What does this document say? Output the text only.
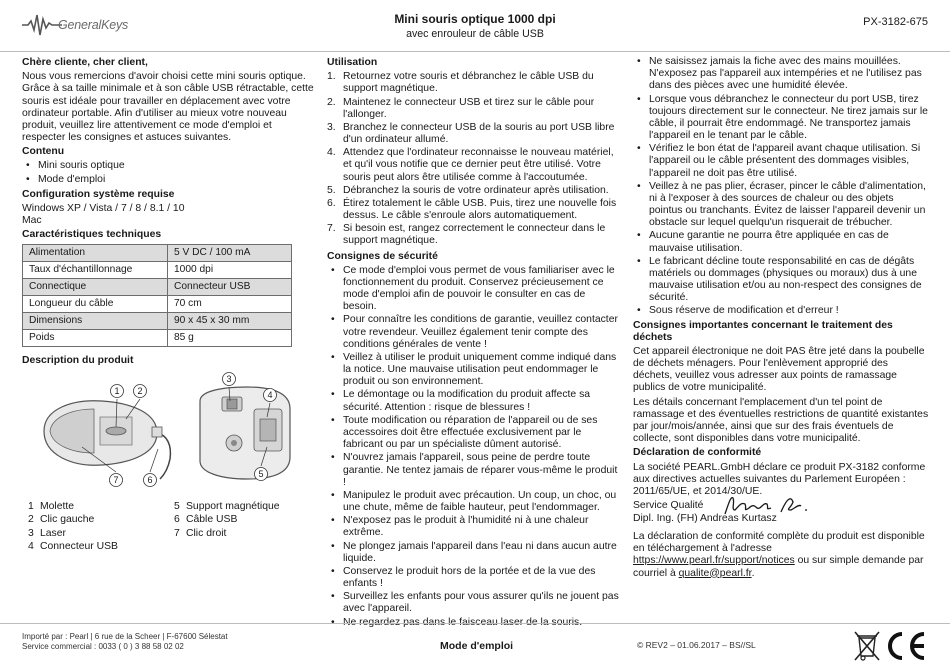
GeneralKeys	Mini souris optique 1000 dpi
avec enrouleur de câble USB
PX-3182-675
Chère cliente, cher client,

Nous vous remercions d'avoir choisi cette mini souris optique. Grâce à sa taille minimale et à son câble USB rétractable, cette souris est idéale pour travailler en déplacement avec votre ordinateur portable. Afin d'utiliser au mieux votre nouveau produit, veuillez lire attentivement ce mode d'emploi et respecter les consignes et astuces suivantes.

Contenu
• Mini souris optique
• Mode d'emploi
Configuration système requise

Windows XP / Vista / 7 / 8 / 8.1 / 10

Mac

Caractéristiques techniques
Alimentation	5 V DC / 100 mA
Taux d'échantillonnage	1000 dpi
Connectique	Connecteur USB
Longueur du câble	70 cm
Dimensions	90 x 45 x 30 mm
Poids	85 g
Description du produit
1 2
3
4
5
6
7
1 Molette	5 Support magnétique
2 Clic gauche	6 Câble USB
3 Laser	7 Clic droit
4 Connecteur USB
Utilisation
1. Retournez votre souris et débranchez le câble USB du support magnétique.
2. Maintenez le connecteur USB et tirez sur le câble pour l'allonger.
3. Branchez le connecteur USB de la souris au port USB libre d'un ordinateur allumé.
4. Attendez que l'ordinateur reconnaisse le nouveau matériel, et qu'il vous notifie que ce dernier peut être utilisé. Votre souris peut alors être utilisée comme à l'accoutumée.
5. Débranchez la souris de votre ordinateur après utilisation.
6. Étirez totalement le câble USB. Puis, tirez une nouvelle fois dessus. Le câble s'enroule alors automatiquement.
7. Si besoin est, rangez correctement le connecteur dans le support magnétique.
Consignes de sécurité
• Ce mode d'emploi vous permet de vous familiariser avec le fonctionnement du produit. Conservez précieusement ce mode d'emploi afin de pouvoir le consulter en cas de besoin.
• Pour connaître les conditions de garantie, veuillez contacter votre revendeur. Veuillez également tenir compte des conditions générales de vente !
• Veillez à utiliser le produit uniquement comme indiqué dans la notice. Une mauvaise utilisation peut endommager le produit ou son environnement.
• Le démontage ou la modification du produit affecte sa sécurité. Attention : risque de blessures !
• Toute modification ou réparation de l'appareil ou de ses accessoires doit être effectuée exclusivement par le fabricant ou par un spécialiste dûment autorisé.
• N'ouvrez jamais l'appareil, sous peine de perdre toute garantie. Ne tentez jamais de réparer vous-même le produit !
• Manipulez le produit avec précaution. Un coup, un choc, ou une chute, même de faible hauteur, peut l'endommager.
• N'exposez pas le produit à l'humidité ni à une chaleur extrême.
• Ne plongez jamais l'appareil dans l'eau ni dans aucun autre liquide.
• Conservez le produit hors de la portée et de la vue des enfants !
• Surveillez les enfants pour vous assurer qu'ils ne jouent pas avec l'appareil.
• Ne regardez pas dans le faisceau laser de la souris.
• Ne saisissez jamais la fiche avec des mains mouillées. N'exposez pas l'appareil aux intempéries et ne l'utilisez pas dans des pièces avec une humidité élevée.
• Lorsque vous débranchez le connecteur du port USB, tirez toujours directement sur le connecteur. Ne tirez jamais sur le câble, il pourrait être endommagé. Ne transportez jamais l'appareil en le tenant par le câble.
• Vérifiez le bon état de l'appareil avant chaque utilisation. Si l'appareil ou le câble présentent des dommages visibles, l'appareil ne doit pas être utilisé.
• Veillez à ne pas plier, écraser, pincer le câble d'alimentation, ni à l'exposer à des sources de chaleur ou des objets pointus ou tranchants. Évitez de laisser l'appareil devenir un obstacle sur lequel quelqu'un risquerait de trébucher.
• Aucune garantie ne pourra être appliquée en cas de mauvaise utilisation.
• Le fabricant décline toute responsabilité en cas de dégâts matériels ou dommages (physiques ou moraux) dus à une mauvaise utilisation et/ou au non-respect des consignes de sécurité.
• Sous réserve de modification et d'erreur !
Consignes importantes concernant le traitement des déchets

Cet appareil électronique ne doit PAS être jeté dans la poubelle de déchets ménagers. Pour l'enlèvement approprié des déchets, veuillez vous adresser aux points de ramassage publics de votre municipalité.

Les détails concernant l'emplacement d'un tel point de ramassage et des éventuelles restrictions de quantité existantes par jour/mois/année, ainsi que sur des frais éventuels de collecte, sont disponibles dans votre municipalité.

Déclaration de conformité

La société PEARL.GmbH déclare ce produit PX-3182 conforme aux directives actuelles suivantes du Parlement Européen : 2011/65/UE, et 2014/30/UE.

Service Qualité
Dipl. Ing. (FH) Andreas Kurtasz

La déclaration de conformité complète du produit est disponible en téléchargement à l'adresse https://www.pearl.fr/support/notices ou sur simple demande par courriel à qualite@pearl.fr.

Importé par : Pearl | 6 rue de la Scheer | F-67600 Sélestat
Service commercial : 0033 ( 0 ) 3 88 58 02 02	Mode d'emploi	© REV2 – 01.06.2017 – BS//SL
